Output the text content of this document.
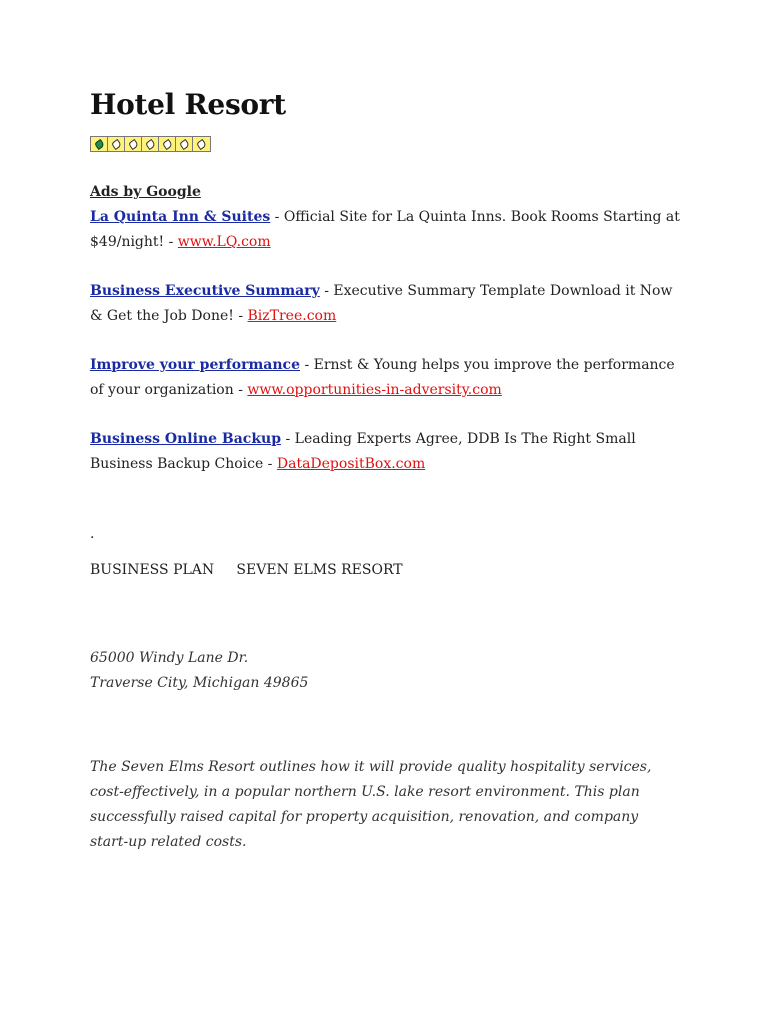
Hotel Resort
Ads by Google

La Quinta Inn & Suites - Official Site for La Quinta Inns. Book Rooms Starting at $49/night! - www.LQ.com

Business Executive Summary - Executive Summary Template Download it Now & Get the Job Done! - BizTree.com

Improve your performance - Ernst & Young helps you improve the performance of your organization - www.opportunities-in-adversity.com

Business Online Backup - Leading Experts Agree, DDB Is The Right Small Business Backup Choice - DataDepositBox.com

.
BUSINESS PLAN SEVEN ELMS RESORT
65000 Windy Lane Dr.
Traverse City, Michigan 49865

The Seven Elms Resort outlines how it will provide quality hospitality services, cost-effectively, in a popular northern U.S. lake resort environment. This plan successfully raised capital for property acquisition, renovation, and company start-up related costs.
